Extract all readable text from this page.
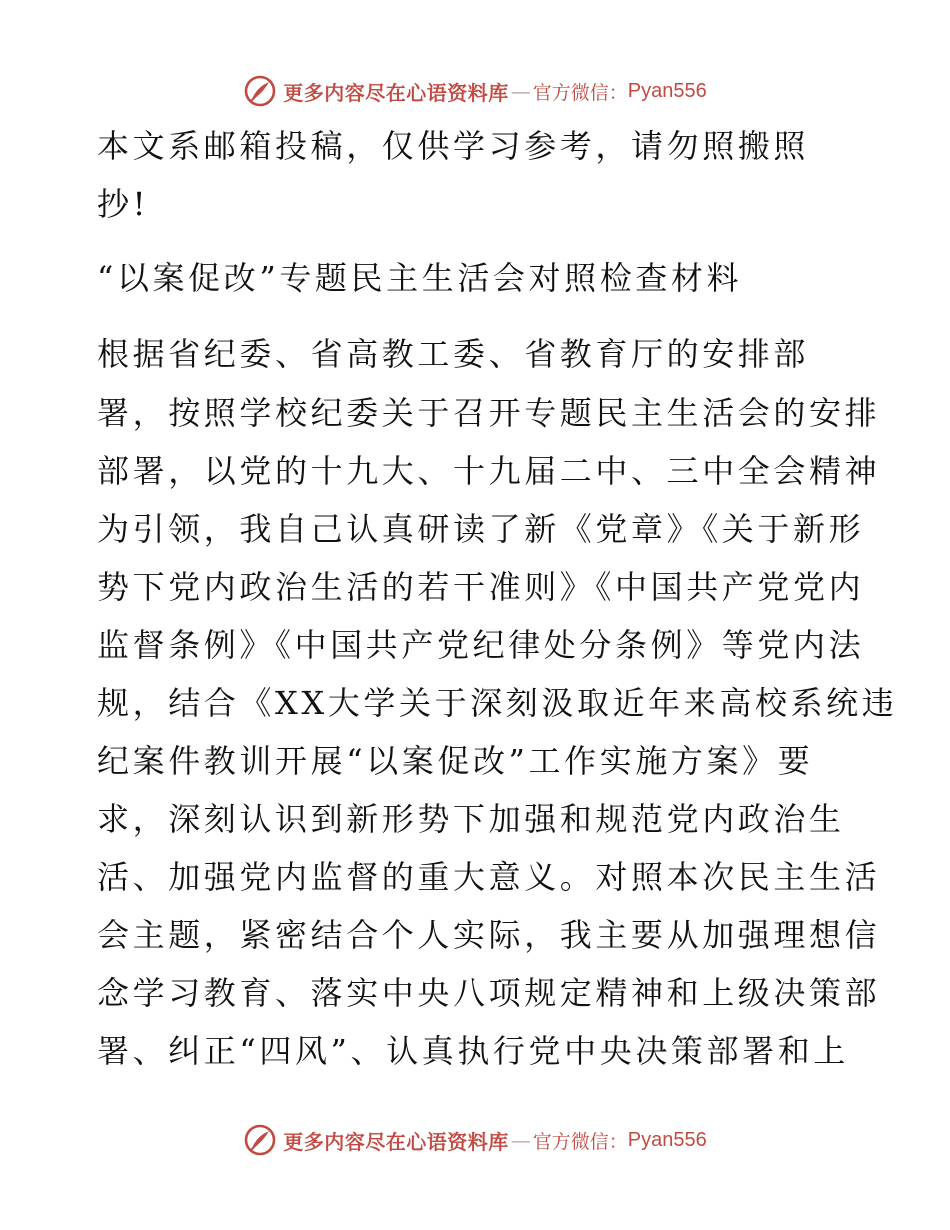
更多内容尽在心语资料库 — 官方微信： Pyan556
本文系邮箱投稿，仅供学习参考，请勿照搬照
抄!
“以案促改”专题民主生活会对照检查材料
根据省纪委、省高教工委、省教育厅的安排部
署，按照学校纪委关于召开专题民主生活会的安排
部署，以党的十九大、十九届二中、三中全会精神
为引领，我自己认真研读了新《党章》《关于新形
势下党内政治生活的若干准则》《中国共产党党内
监督条例》《中国共产党纪律处分条例》等党内法
规，结合《XX大学关于深刻汲取近年来高校系统违
纪案件教训开展“以案促改”工作实施方案》要
求，深刻认识到新形势下加强和规范党内政治生
活、加强党内监督的重大意义。对照本次民主生活
会主题，紧密结合个人实际，我主要从加强理想信
念学习教育、落实中央八项规定精神和上级决策部
署、纠正“四风”、认真执行党中央决策部署和上
更多内容尽在心语资料库 — 官方微信： Pyan556
